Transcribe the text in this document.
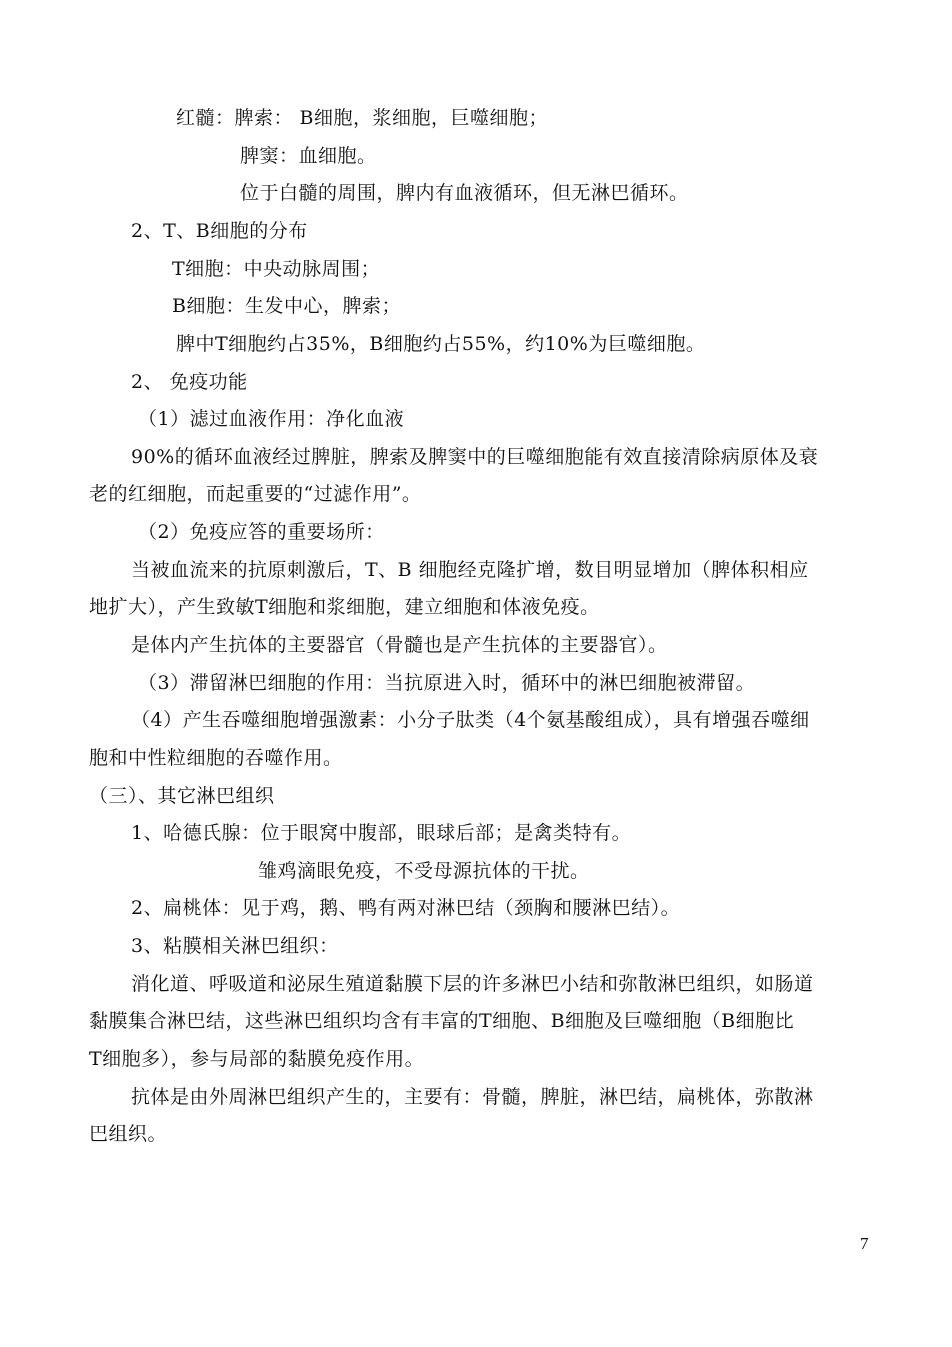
红髓：脾索： B细胞，浆细胞，巨噬细胞；
脾窦：血细胞。
位于白髓的周围，脾内有血液循环，但无淋巴循环。
2、T、B细胞的分布
T细胞：中央动脉周围；
B细胞：生发中心，脾索；
脾中T细胞约占35%，B细胞约占55%，约10%为巨噬细胞。
2、 免疫功能
（1）滤过血液作用：净化血液
90%的循环血液经过脾脏，脾索及脾窦中的巨噬细胞能有效直接清除病原体及衰
老的红细胞，而起重要的“过滤作用”。
（2）免疫应答的重要场所：
当被血流来的抗原刺激后，T、B 细胞经克隆扩增，数目明显增加（脾体积相应
地扩大），产生致敏T细胞和浆细胞，建立细胞和体液免疫。
是体内产生抗体的主要器官（骨髓也是产生抗体的主要器官）。
（3）滞留淋巴细胞的作用：当抗原进入时，循环中的淋巴细胞被滞留。
（4）产生吞噬细胞增强激素：小分子肽类（4个氨基酸组成），具有增强吞噬细
胞和中性粒细胞的吞噬作用。
（三）、其它淋巴组织
1、哈德氏腺：位于眼窝中腹部，眼球后部；是禽类特有。
雏鸡滴眼免疫，不受母源抗体的干扰。
2、扁桃体：见于鸡，鹅、鸭有两对淋巴结（颈胸和腰淋巴结）。
3、粘膜相关淋巴组织：
消化道、呼吸道和泌尿生殖道黏膜下层的许多淋巴小结和弥散淋巴组织，如肠道
黏膜集合淋巴结，这些淋巴组织均含有丰富的T细胞、B细胞及巨噬细胞（B细胞比
T细胞多），参与局部的黏膜免疫作用。
抗体是由外周淋巴组织产生的，主要有：骨髓，脾脏，淋巴结，扁桃体，弥散淋
巴组织。
7
